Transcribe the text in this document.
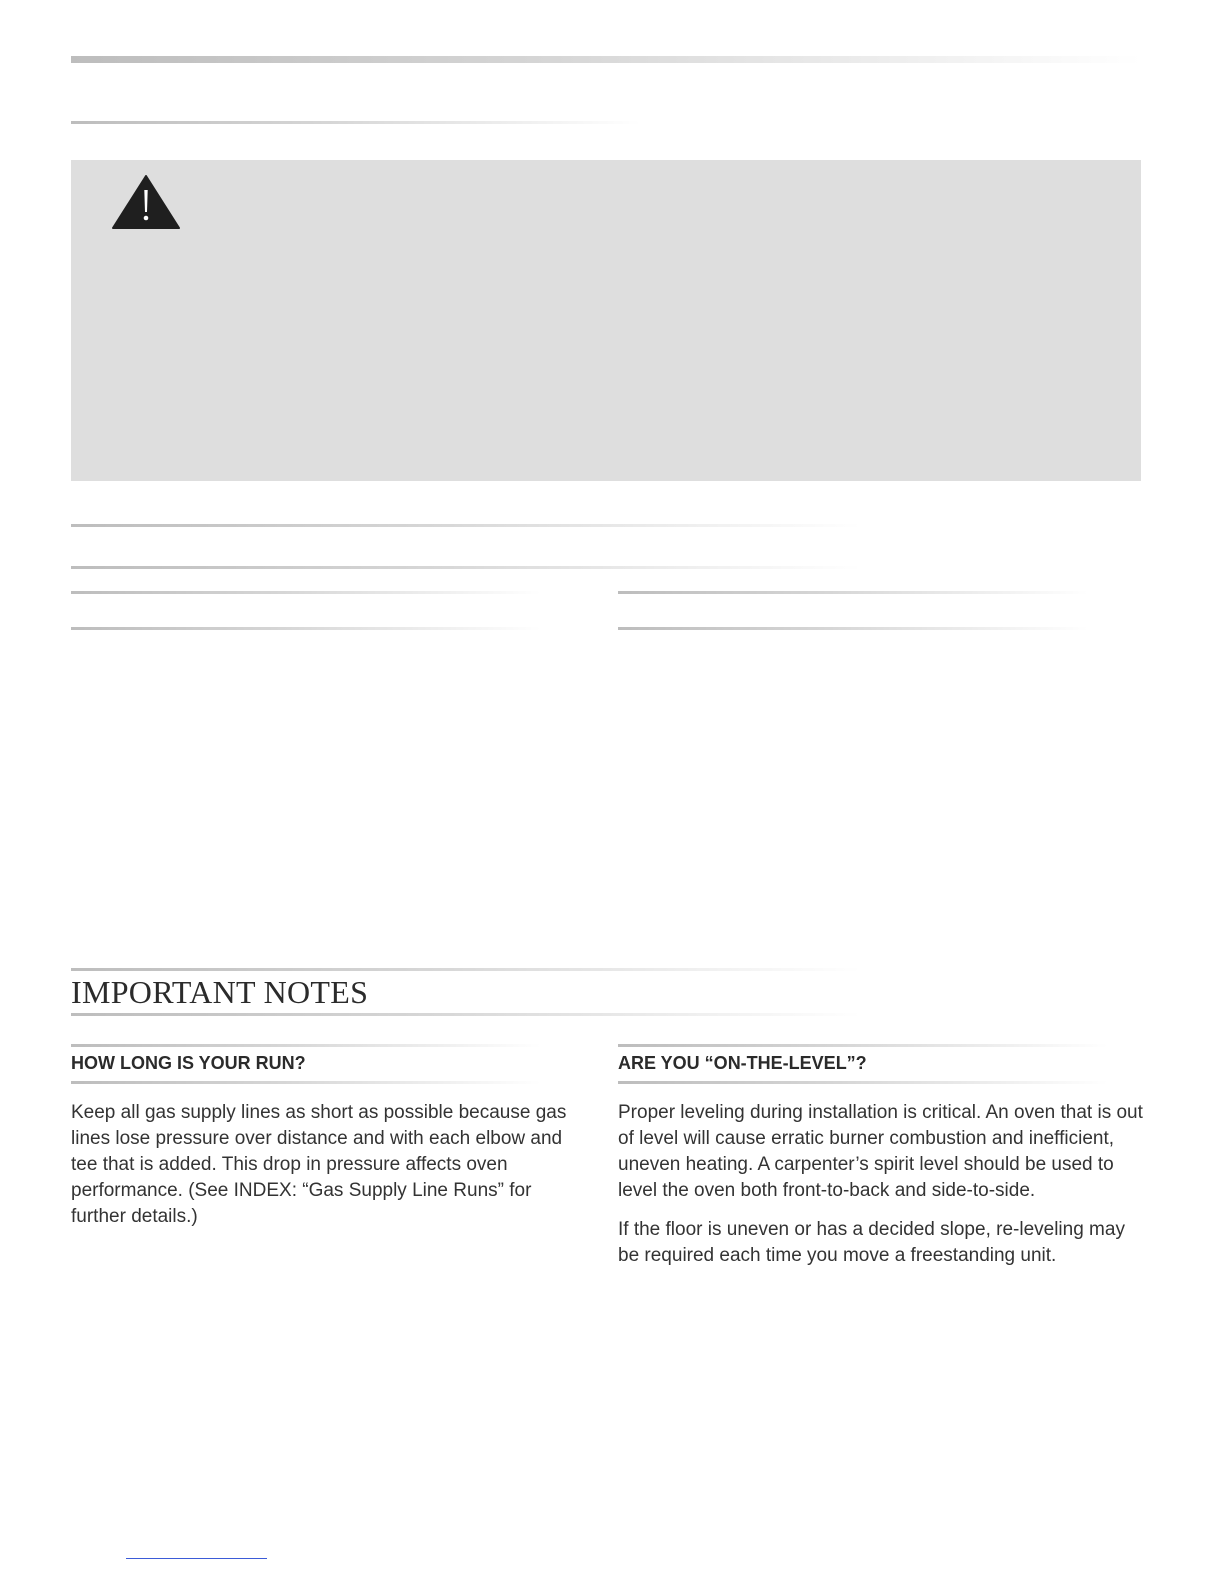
IMPORTANT NOTES
HOW LONG IS YOUR RUN?

Keep all gas supply lines as short as possible because gas lines lose pressure over distance and with each elbow and tee that is added. This drop in pressure affects oven performance. (See INDEX: “Gas Supply Line Runs” for further details.)

ARE YOU “ON-THE-LEVEL”?

Proper leveling during installation is critical. An oven that is out of level will cause erratic burner combustion and inefficient, uneven heating. A carpenter’s spirit level should be used to level the oven both front-to-back and side-to-side.

If the floor is uneven or has a decided slope, re-leveling may be required each time you move a freestanding unit.
